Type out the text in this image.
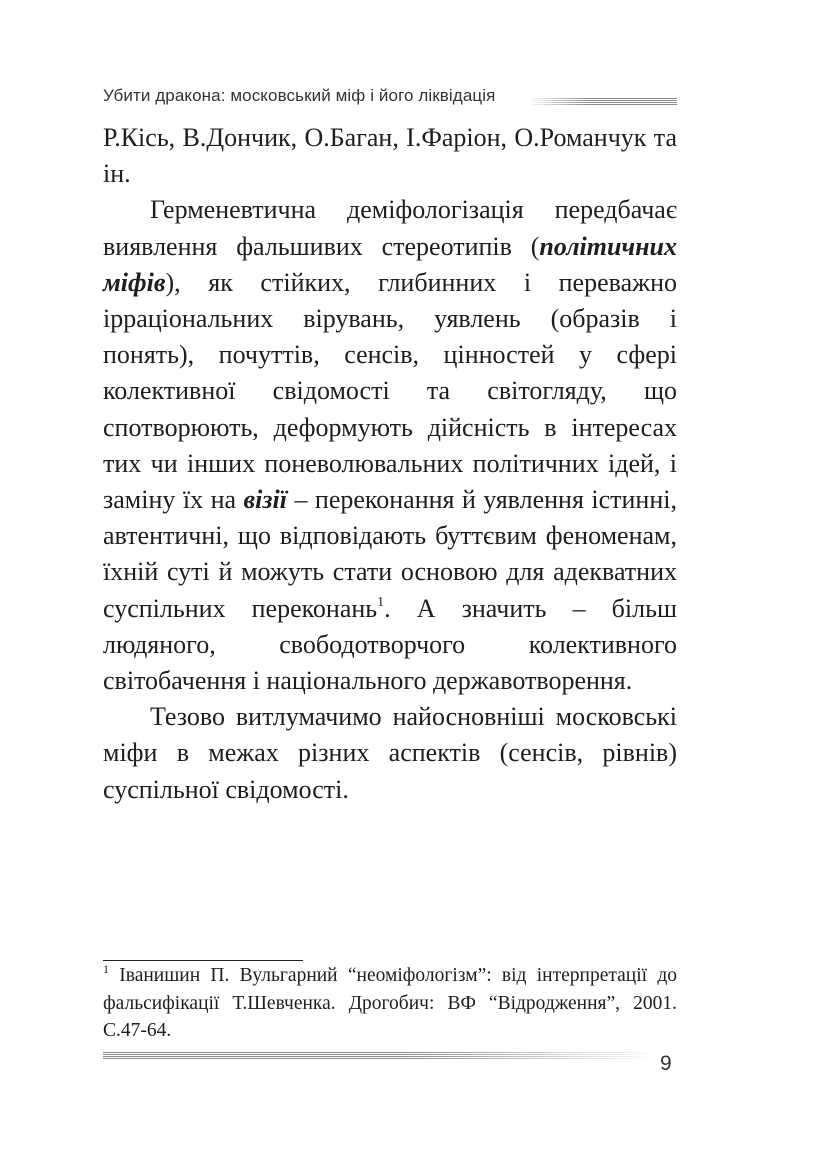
Убити дракона: московський міф і його ліквідація

Р.Кісь, В.Дончик, О.Баган, І.Фаріон, О.Романчук та ін.

Герменевтична деміфологізація передбачає виявлення фальшивих стереотипів (політичних міфів), як стійких, глибинних і переважно ірраціональних вірувань, уявлень (образів і понять), почуттів, сенсів, цінностей у сфері колективної свідомості та світогляду, що спотворюють, деформують дійсність в інтересах тих чи інших поневолювальних політичних ідей, і заміну їх на візії – переконання й уявлення істинні, автентичні, що відповідають буттєвим феноменам, їхній суті й можуть стати основою для адекватних суспільних переконань$^1$. А значить – більш людяного, свободотворчого колективного світобачення і національного державотворення.

Тезово витлумачимо найосновніші московські міфи в межах різних аспектів (сенсів, рівнів) суспільної свідомості.

$^1$ Іванишин П. Вульгарний “неоміфологізм”: від інтерпретації до фальсифікації Т.Шевченка. Дрогобич: ВФ “Відродження”, 2001. С.47-64.
9
